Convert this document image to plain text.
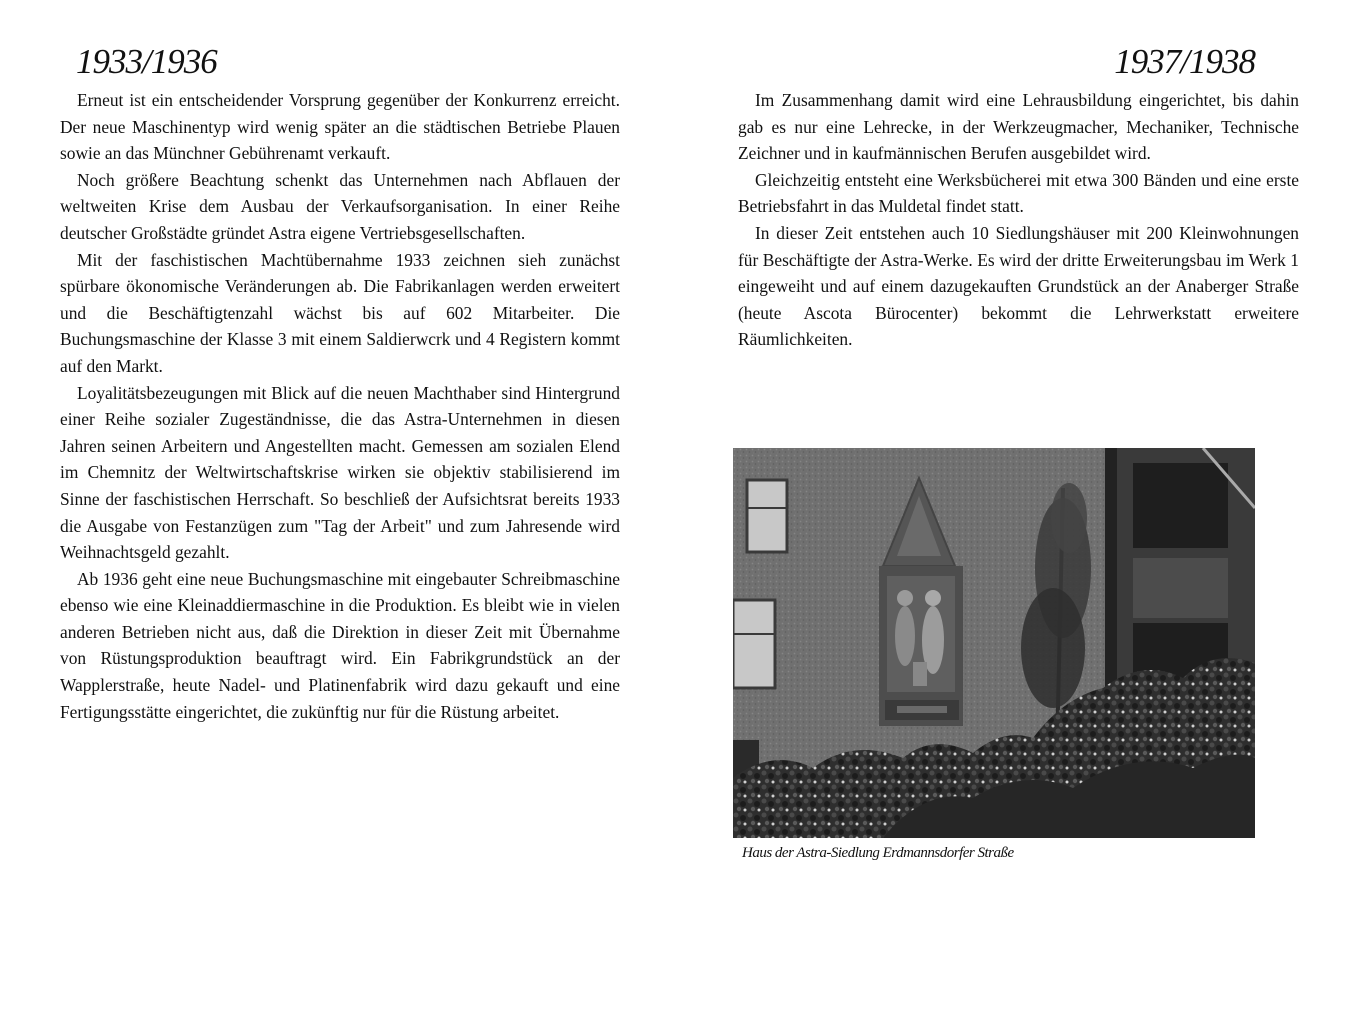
1933/1936

Erneut ist ein entscheidender Vorsprung gegenüber der Konkurrenz erreicht. Der neue Maschinentyp wird wenig später an die städtischen Betriebe Plauen sowie an das Münchner Gebührenamt verkauft.

Noch größere Beachtung schenkt das Unternehmen nach Abflauen der weltweiten Krise dem Ausbau der Verkaufsorganisation. In einer Reihe deutscher Großstädte gründet Astra eigene Vertriebsgesellschaften.

Mit der faschistischen Machtübernahme 1933 zeichnen sieh zunächst spürbare ökonomische Veränderungen ab. Die Fabrikanlagen werden erweitert und die Beschäftigtenzahl wächst bis auf 602 Mitarbeiter. Die Buchungsmaschine der Klasse 3 mit einem Saldierwcrk und 4 Registern kommt auf den Markt.

Loyalitätsbezeugungen mit Blick auf die neuen Machthaber sind Hintergrund einer Reihe sozialer Zugeständnisse, die das Astra-Unternehmen in diesen Jahren seinen Arbeitern und Angestellten macht. Gemessen am sozialen Elend im Chemnitz der Weltwirtschaftskrise wirken sie objektiv stabilisierend im Sinne der faschistischen Herrschaft. So beschließ der Aufsichtsrat bereits 1933 die Ausgabe von Festanzügen zum "Tag der Arbeit" und zum Jahresende wird Weihnachtsgeld gezahlt.

Ab 1936 geht eine neue Buchungsmaschine mit eingebauter Schreibmaschine ebenso wie eine Kleinaddiermaschine in die Produktion. Es bleibt wie in vielen anderen Betrieben nicht aus, daß die Direktion in dieser Zeit mit Übernahme von Rüstungsproduktion beauftragt wird. Ein Fabrikgrundstück an der Wapplerstraße, heute Nadel- und Platinenfabrik wird dazu gekauft und eine Fertigungsstätte eingerichtet, die zukünftig nur für die Rüstung arbeitet.

1937/1938

Im Zusammenhang damit wird eine Lehrausbildung eingerichtet, bis dahin gab es nur eine Lehrecke, in der Werkzeugmacher, Mechaniker, Technische Zeichner und in kaufmännischen Berufen ausgebildet wird.

Gleichzeitig entsteht eine Werksbücherei mit etwa 300 Bänden und eine erste Betriebsfahrt in das Muldetal findet statt.

In dieser Zeit entstehen auch 10 Siedlungshäuser mit 200 Kleinwohnungen für Beschäftigte der Astra-Werke. Es wird der dritte Erweiterungsbau im Werk 1 eingeweiht und auf einem dazugekauften Grundstück an der Anaberger Straße (heute Ascota Bürocenter) bekommt die Lehrwerkstatt erweitere Räumlichkeiten.

Haus der Astra-Siedlung Erdmannsdorfer Straße
